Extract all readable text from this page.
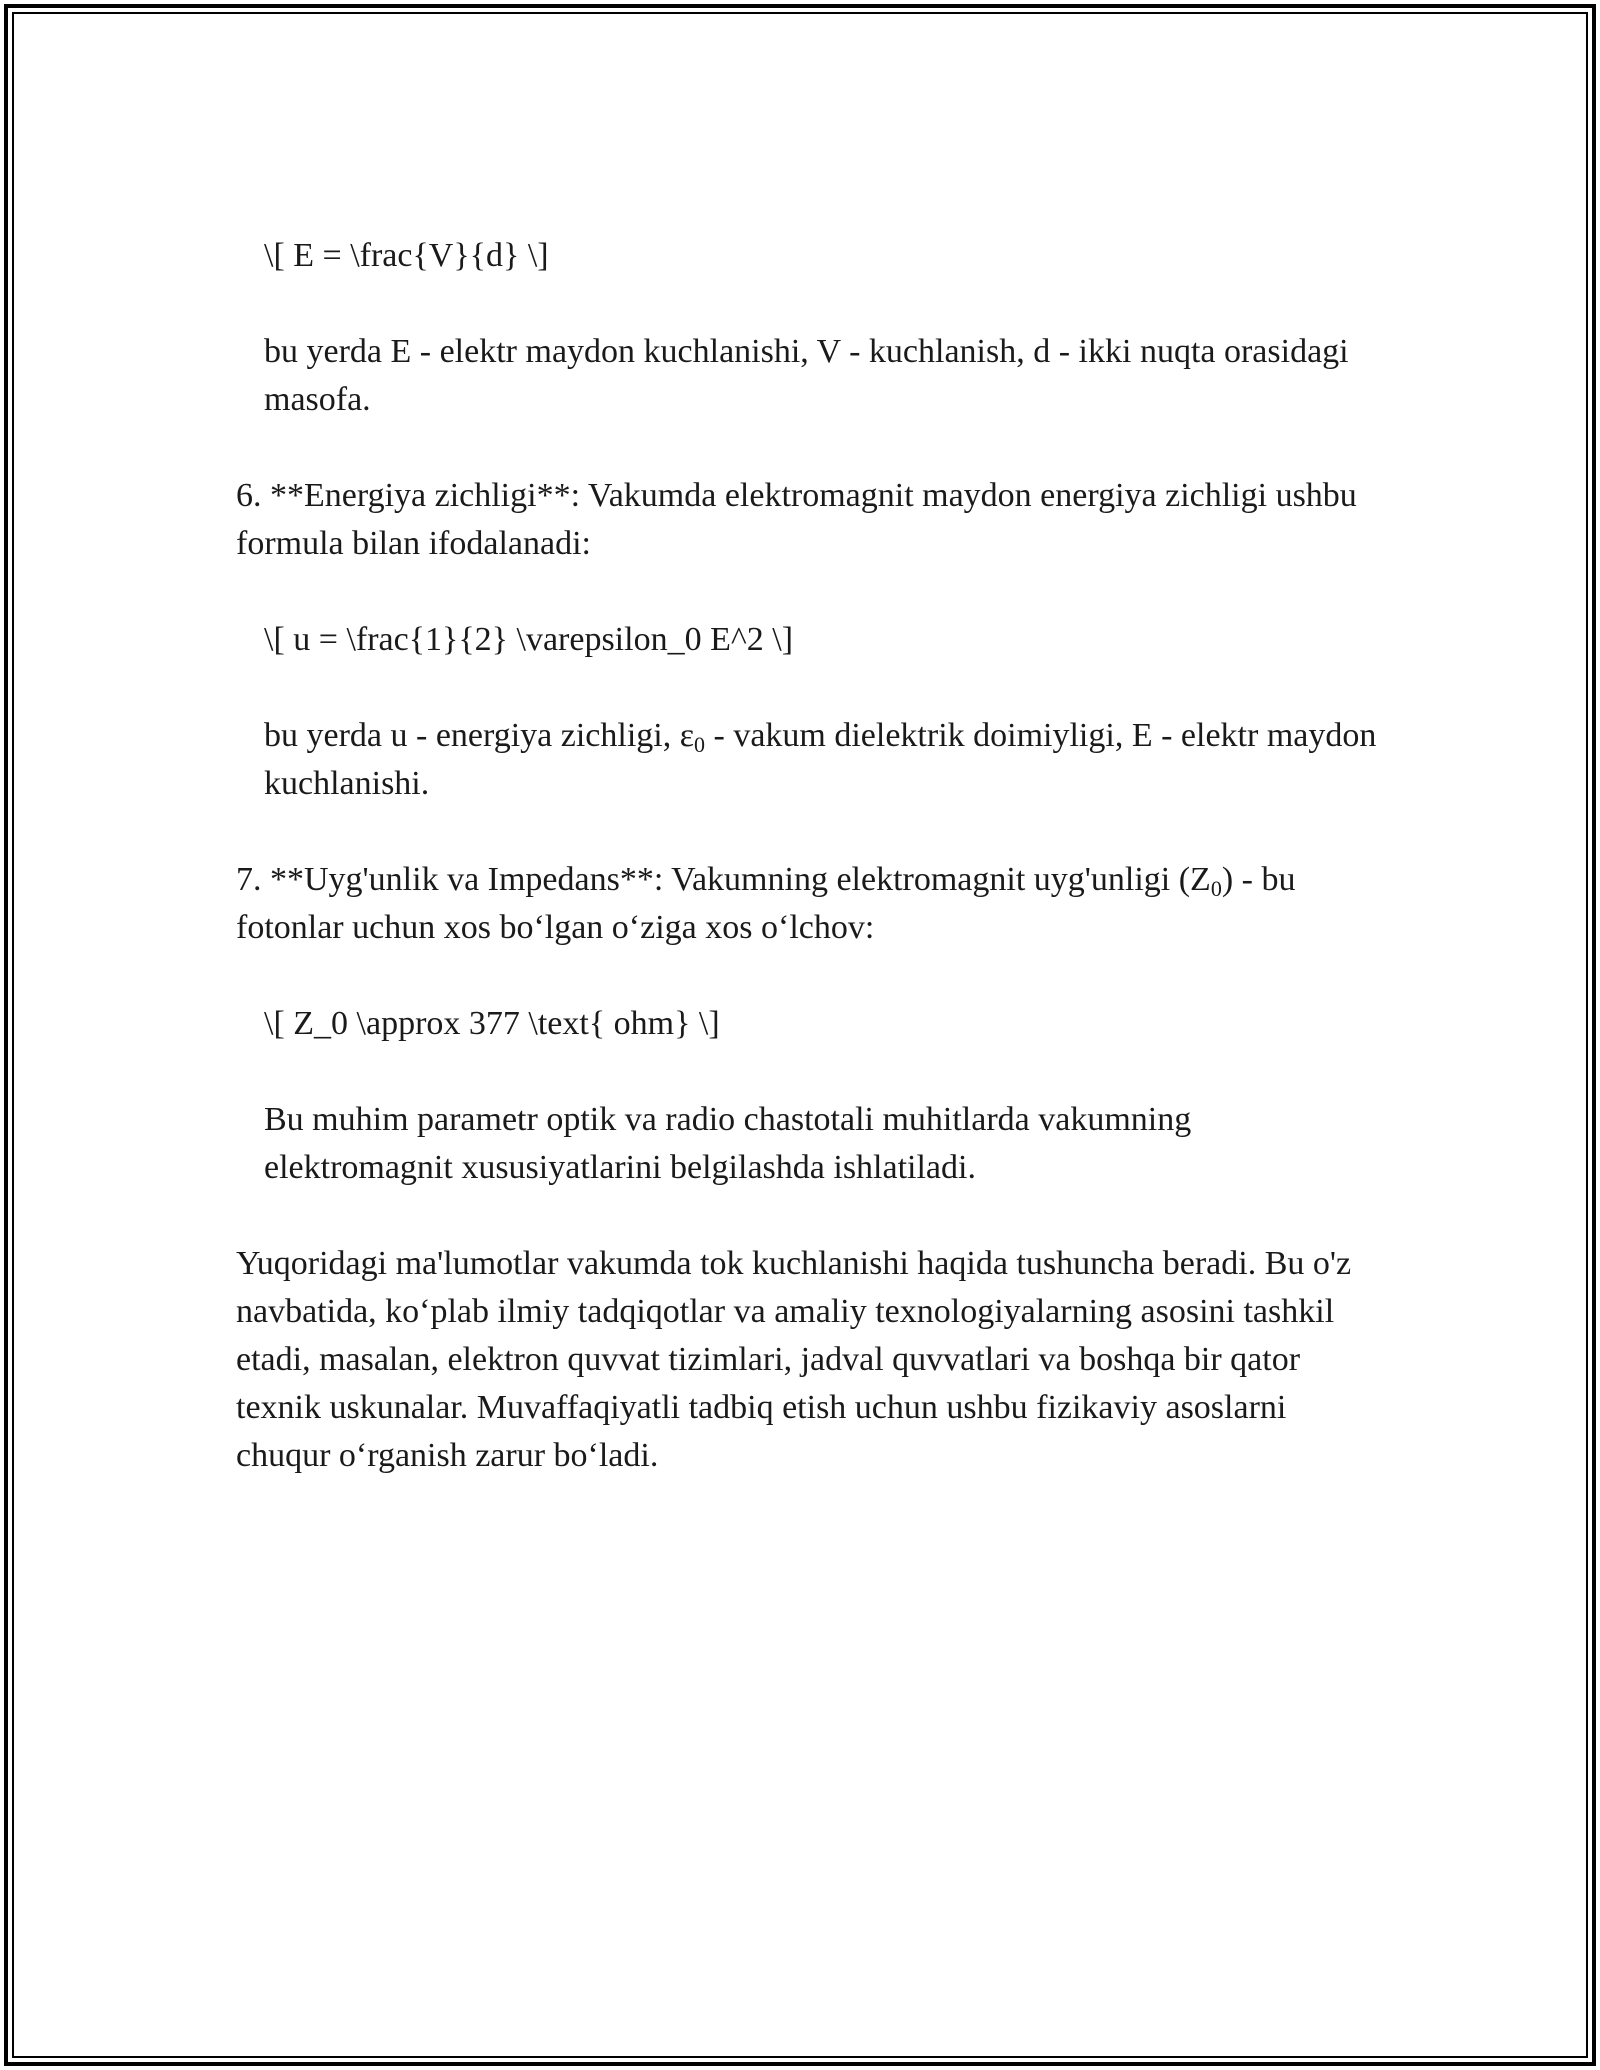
\[ E = \frac{V}{d} \]

bu yerda E - elektr maydon kuchlanishi, V - kuchlanish, d - ikki nuqta orasidagi masofa.

6. **Energiya zichligi**: Vakumda elektromagnit maydon energiya zichligi ushbu formula bilan ifodalanadi:

\[ u = \frac{1}{2} \varepsilon_0 E^2 \]

bu yerda u - energiya zichligi, $\varepsilon_0$ - vakum dielektrik doimiyligi, E - elektr maydon kuchlanishi.

7. **Uyg'unlik va Impedans**: Vakumning elektromagnit uyg'unligi $(Z_0)$ - bu fotonlar uchun xos bo‘lgan o‘ziga xos o‘lchov:

\[ Z_0 \approx 377 \text{ ohm} \]

Bu muhim parametr optik va radio chastotali muhitlarda vakumning elektromagnit xususiyatlarini belgilashda ishlatiladi.

Yuqoridagi ma'lumotlar vakumda tok kuchlanishi haqida tushuncha beradi. Bu o'z navbatida, ko‘plab ilmiy tadqiqotlar va amaliy texnologiyalarning asosini tashkil etadi, masalan, elektron quvvat tizimlari, jadval quvvatlari va boshqa bir qator texnik uskunalar. Muvaffaqiyatli tadbiq etish uchun ushbu fizikaviy asoslarni chuqur o‘rganish zarur bo‘ladi.
